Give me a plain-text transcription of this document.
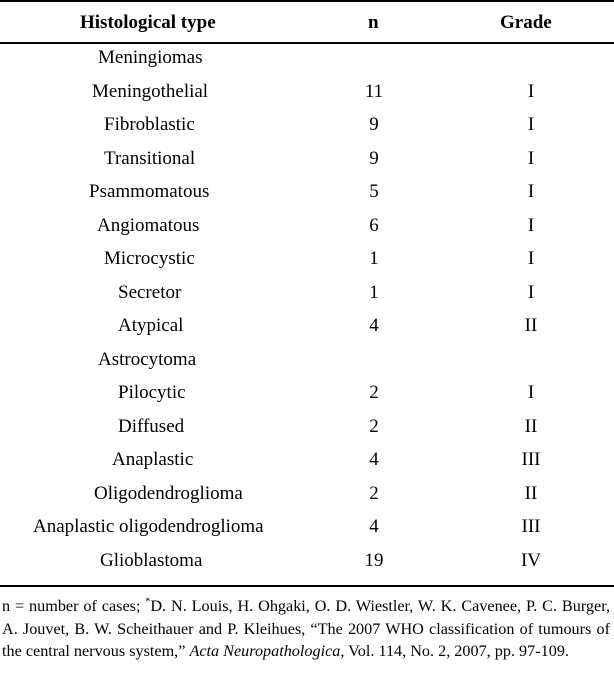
Histological type	n	Grade
Meningiomas
Meningothelial	11	I
Fibroblastic	9	I
Transitional	9	I
Psammomatous	5	I
Angiomatous	6	I
Microcystic	1	I
Secretor	1	I
Atypical	4	II
Astrocytoma
Pilocytic	2	I
Diffused	2	II
Anaplastic	4	III
Oligodendroglioma	2	II
Anaplastic oligodendroglioma	4	III
Glioblastoma	19	IV
n = number of cases; *D. N. Louis, H. Ohgaki, O. D. Wiestler, W. K. Cavenee, P. C. Burger, A. Jouvet, B. W. Scheithauer and P. Kleihues, “The 2007 WHO classification of tumours of the central nervous system,” Acta Neuropathologica, Vol. 114, No. 2, 2007, pp. 97-109.
